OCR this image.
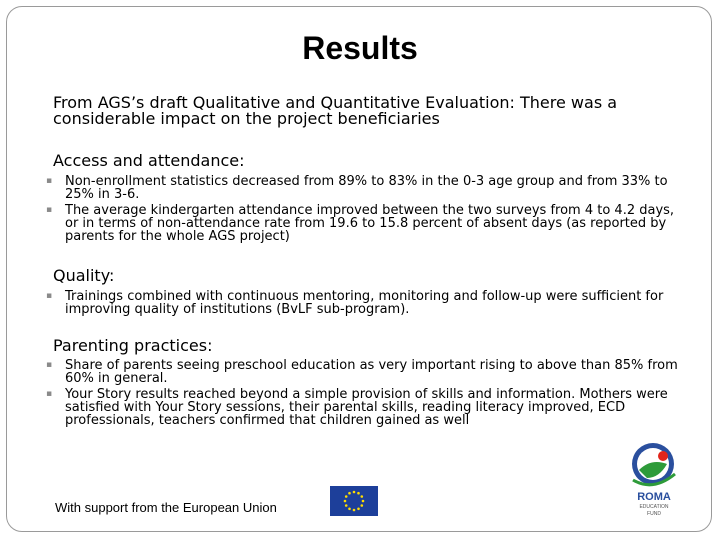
Results
From AGS’s draft Qualitative and Quantitative Evaluation: There was a considerable impact on the project beneficiaries
Access and attendance:
▪ Non-enrollment statistics decreased from 89% to 83% in the 0-3 age group and from 33% to 25% in 3-6.
▪ The average kindergarten attendance improved between the two surveys from 4 to 4.2 days, or in terms of non-attendance rate from 19.6 to 15.8 percent of absent days (as reported by parents for the whole AGS project)
Quality:
▪ Trainings combined with continuous mentoring, monitoring and follow-up were sufficient for improving quality of institutions (BvLF sub-program).
Parenting practices:
▪ Share of parents seeing preschool education as very important rising to above than 85% from 60% in general.
▪ Your Story results reached beyond a simple provision of skills and information. Mothers were satisfied with Your Story sessions, their parental skills, reading literacy improved, ECD professionals, teachers confirmed that children gained as well
With support from the European Union
ROMA
EDUCATION
FUND
